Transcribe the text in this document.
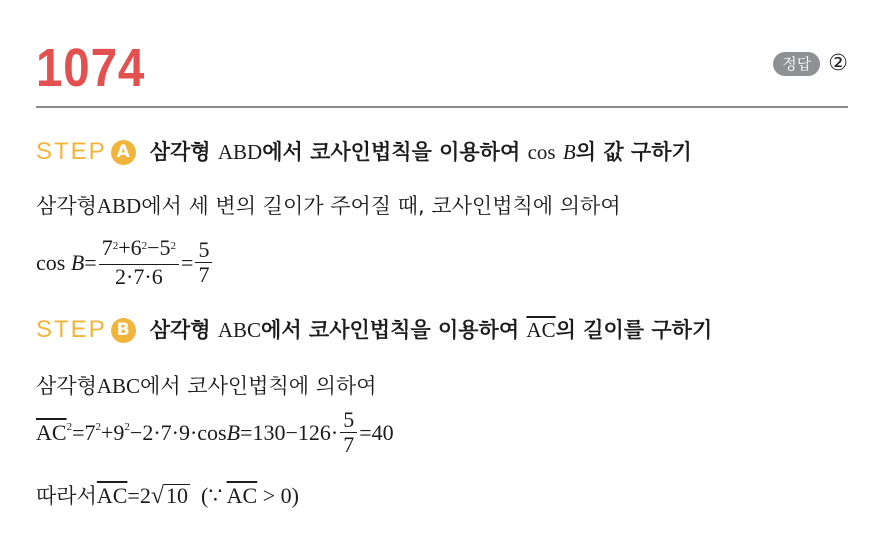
1074	정답 ②
STEP A 삼각형 ABD에서 코사인법칙을 이용하여 cos B의 값 구하기
삼각형 ABD 에서 세 변의 길이가 주어질 때, 코사인법칙에 의하여
cos
$B = \frac{7^2+6^2-5^2}{2\cdot 7\cdot 6} = \frac{5}{7}$
STEP B 삼각형 ABC에서 코사인법칙을 이용하여 $\overline{AC}$의 길이를 구하기
삼각형 ABC 에서 코사인법칙에 의하여
$\overline{AC}^2 =7^2 +9^2 -2\cdot 7\cdot 9\cdot \cos B =130-126\cdot \frac{5}{7} =40$
따라서 $\overline{AC}=2$ √ 10 (∵ $\overline{AC} > 0$)
